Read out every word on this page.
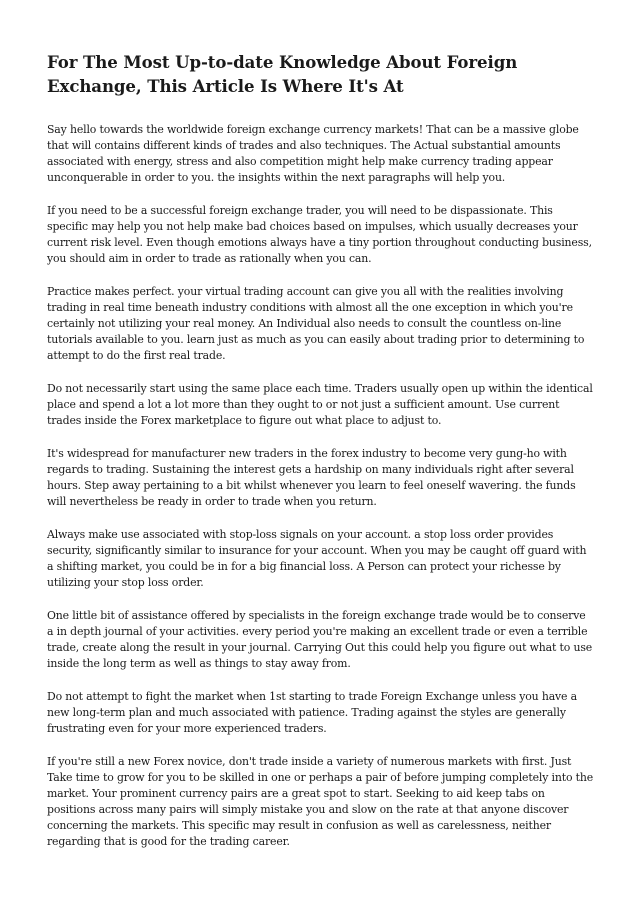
For The Most Up-to-date Knowledge About Foreign Exchange, This Article Is Where It's At

Say hello towards the worldwide foreign exchange currency markets! That can be a massive globe that will contains different kinds of trades and also techniques. The Actual substantial amounts associated with energy, stress and also competition might help make currency trading appear unconquerable in order to you. the insights within the next paragraphs will help you.

If you need to be a successful foreign exchange trader, you will need to be dispassionate. This specific may help you not help make bad choices based on impulses, which usually decreases your current risk level. Even though emotions always have a tiny portion throughout conducting business, you should aim in order to trade as rationally when you can.

Practice makes perfect. your virtual trading account can give you all with the realities involving trading in real time beneath industry conditions with almost all the one exception in which you're certainly not utilizing your real money. An Individual also needs to consult the countless on-line tutorials available to you. learn just as much as you can easily about trading prior to determining to attempt to do the first real trade.

Do not necessarily start using the same place each time. Traders usually open up within the identical place and spend a lot a lot more than they ought to or not just a sufficient amount. Use current trades inside the Forex marketplace to figure out what place to adjust to.

It's widespread for manufacturer new traders in the forex industry to become very gung-ho with regards to trading. Sustaining the interest gets a hardship on many individuals right after several hours. Step away pertaining to a bit whilst whenever you learn to feel oneself wavering. the funds will nevertheless be ready in order to trade when you return.

Always make use associated with stop-loss signals on your account. a stop loss order provides security, significantly similar to insurance for your account. When you may be caught off guard with a shifting market, you could be in for a big financial loss. A Person can protect your richesse by utilizing your stop loss order.

One little bit of assistance offered by specialists in the foreign exchange trade would be to conserve a in depth journal of your activities. every period you're making an excellent trade or even a terrible trade, create along the result in your journal. Carrying Out this could help you figure out what to use inside the long term as well as things to stay away from.

Do not attempt to fight the market when 1st starting to trade Foreign Exchange unless you have a new long-term plan and much associated with patience. Trading against the styles are generally frustrating even for your more experienced traders.

If you're still a new Forex novice, don't trade inside a variety of numerous markets with first. Just Take time to grow for you to be skilled in one or perhaps a pair of before jumping completely into the market. Your prominent currency pairs are a great spot to start. Seeking to aid keep tabs on positions across many pairs will simply mistake you and slow on the rate at that anyone discover concerning the markets. This specific may result in confusion as well as carelessness, neither regarding that is good for the trading career.
